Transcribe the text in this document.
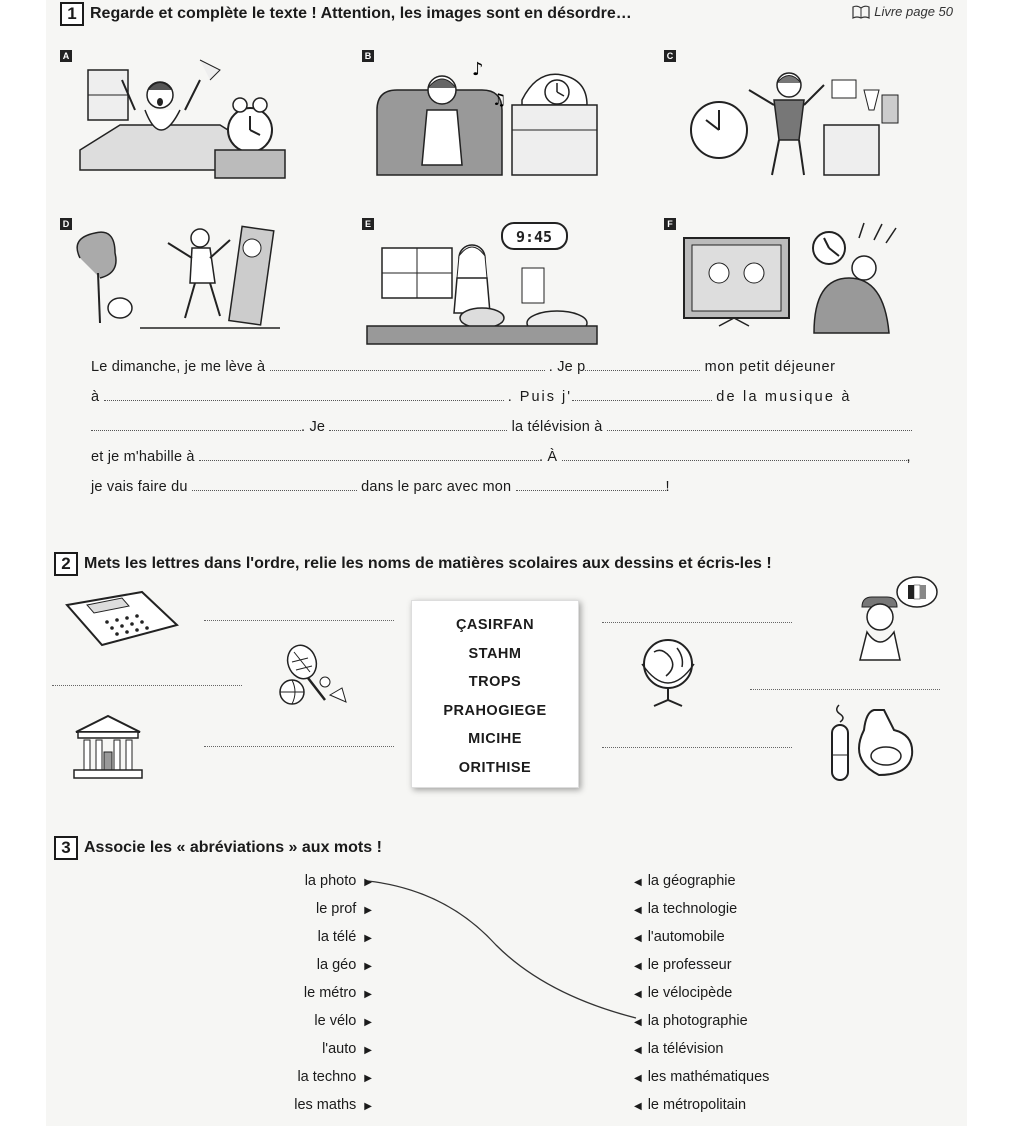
1 Regarde et complète le texte ! Attention, les images sont en désordre…	Livre page 50
A
♪
♫
B	C
D
9:45
E	F
Le dimanche, je me lève à	. Je p	mon petit déjeuner
à	. Puis j'	de la musique à
. Je	la télévision à
et je m'habille à	. À	,
je vais faire du	dans le parc avec mon	!
2 Mets les lettres dans l'ordre, relie les noms de matières scolaires aux dessins et écris-les !
ÇASIRFAN
STAHM
TROPS
PRAHOGIEGE
MICIHE
ORITHISE
3 Associe les « abréviations » aux mots !
la photo ▶
le prof ▶
la télé ▶
la géo ▶
le métro ▶
le vélo ▶
l'auto ▶
la techno ▶
les maths ▶
◀ la géographie
◀ la technologie
◀ l'automobile
◀ le professeur
◀ le vélocipède
◀ la photographie
◀ la télévision
◀ les mathématiques
◀ le métropolitain
